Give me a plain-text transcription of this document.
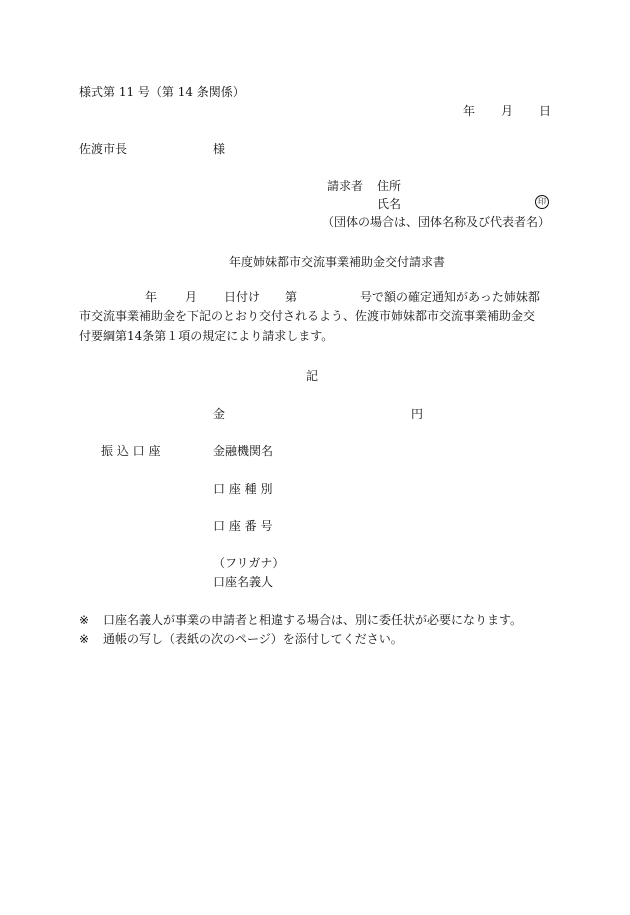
様式第 11 号（第 14 条関係）
年 月 日
佐渡市長	様
請求者 住所
氏名	印
（団体の場合は、団体名称及び代表者名）
年度姉妹都市交流事業補助金交付請求書
年 月 日付け 第	号で額の確定通知があった姉妹都
市交流事業補助金を下記のとおり交付されるよう、佐渡市姉妹都市交流事業補助金交
付要綱第14条第１項の規定により請求します。
記
金	円
振 込 口 座	金融機関名
口 座 種 別
口 座 番 号
（フリガナ）
口座名義人
※ 口座名義人が事業の申請者と相違する場合は、別に委任状が必要になります。
※ 通帳の写し（表紙の次のページ）を添付してください。
